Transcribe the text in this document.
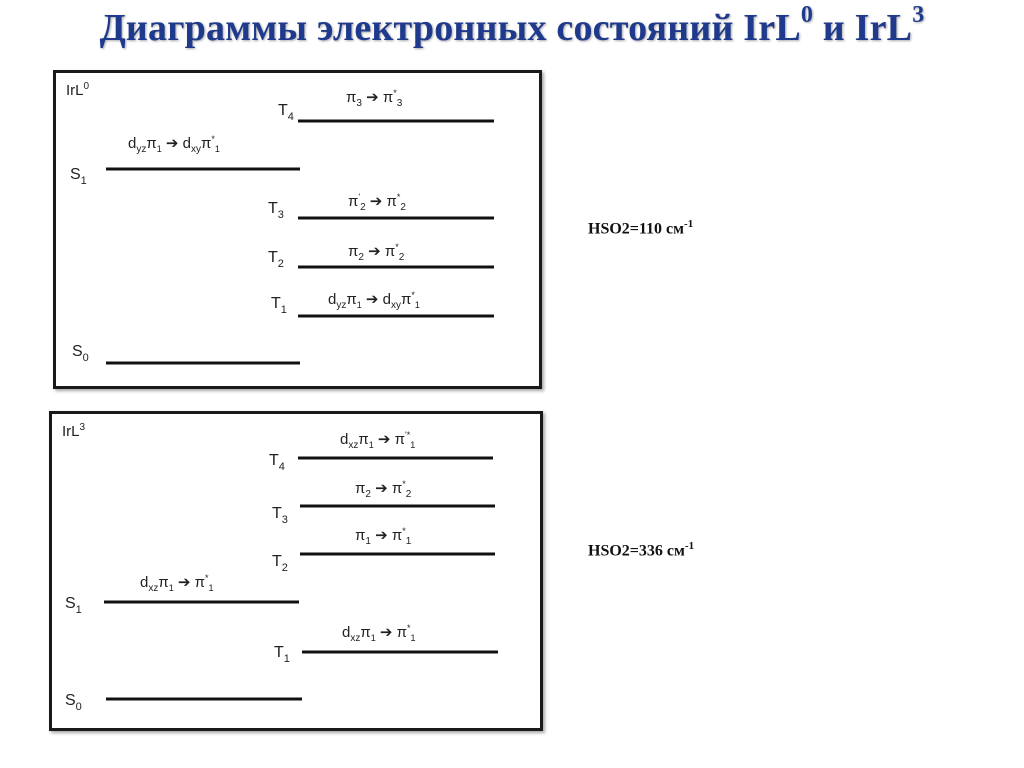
Диаграммы электронных состояний IrL$^0$ и IrL$^3$
IrL$^0$
$T_4$
$\pi_3$ ➔ $\pi^*_3$
$S_1$
$d_{yz}\pi_1$ ➔ $d_{xy}\pi^*_1$
$T_3$
$\pi'_2$ ➔ $\pi^*_2$
$T_2$
$\pi_2$ ➔ $\pi^*_2$
$T_1$
$d_{yz}\pi_1$ ➔ $d_{xy}\pi^*_1$
$S_0$
HSO2=110 $см^{-1}$
IrL$^3$
$T_4$
$d_{xz}\pi_1$ ➔ $\pi^{'*}_1$
$T_3$
$\pi_2$ ➔ $\pi^*_2$
$T_2$
$\pi_1$ ➔ $\pi^*_1$
$S_1$
$d_{xz}\pi_1$ ➔ $\pi^*_1$
$T_1$
$d_{xz}\pi_1$ ➔ $\pi^*_1$
$S_0$
HSO2=336 $см^{-1}$
